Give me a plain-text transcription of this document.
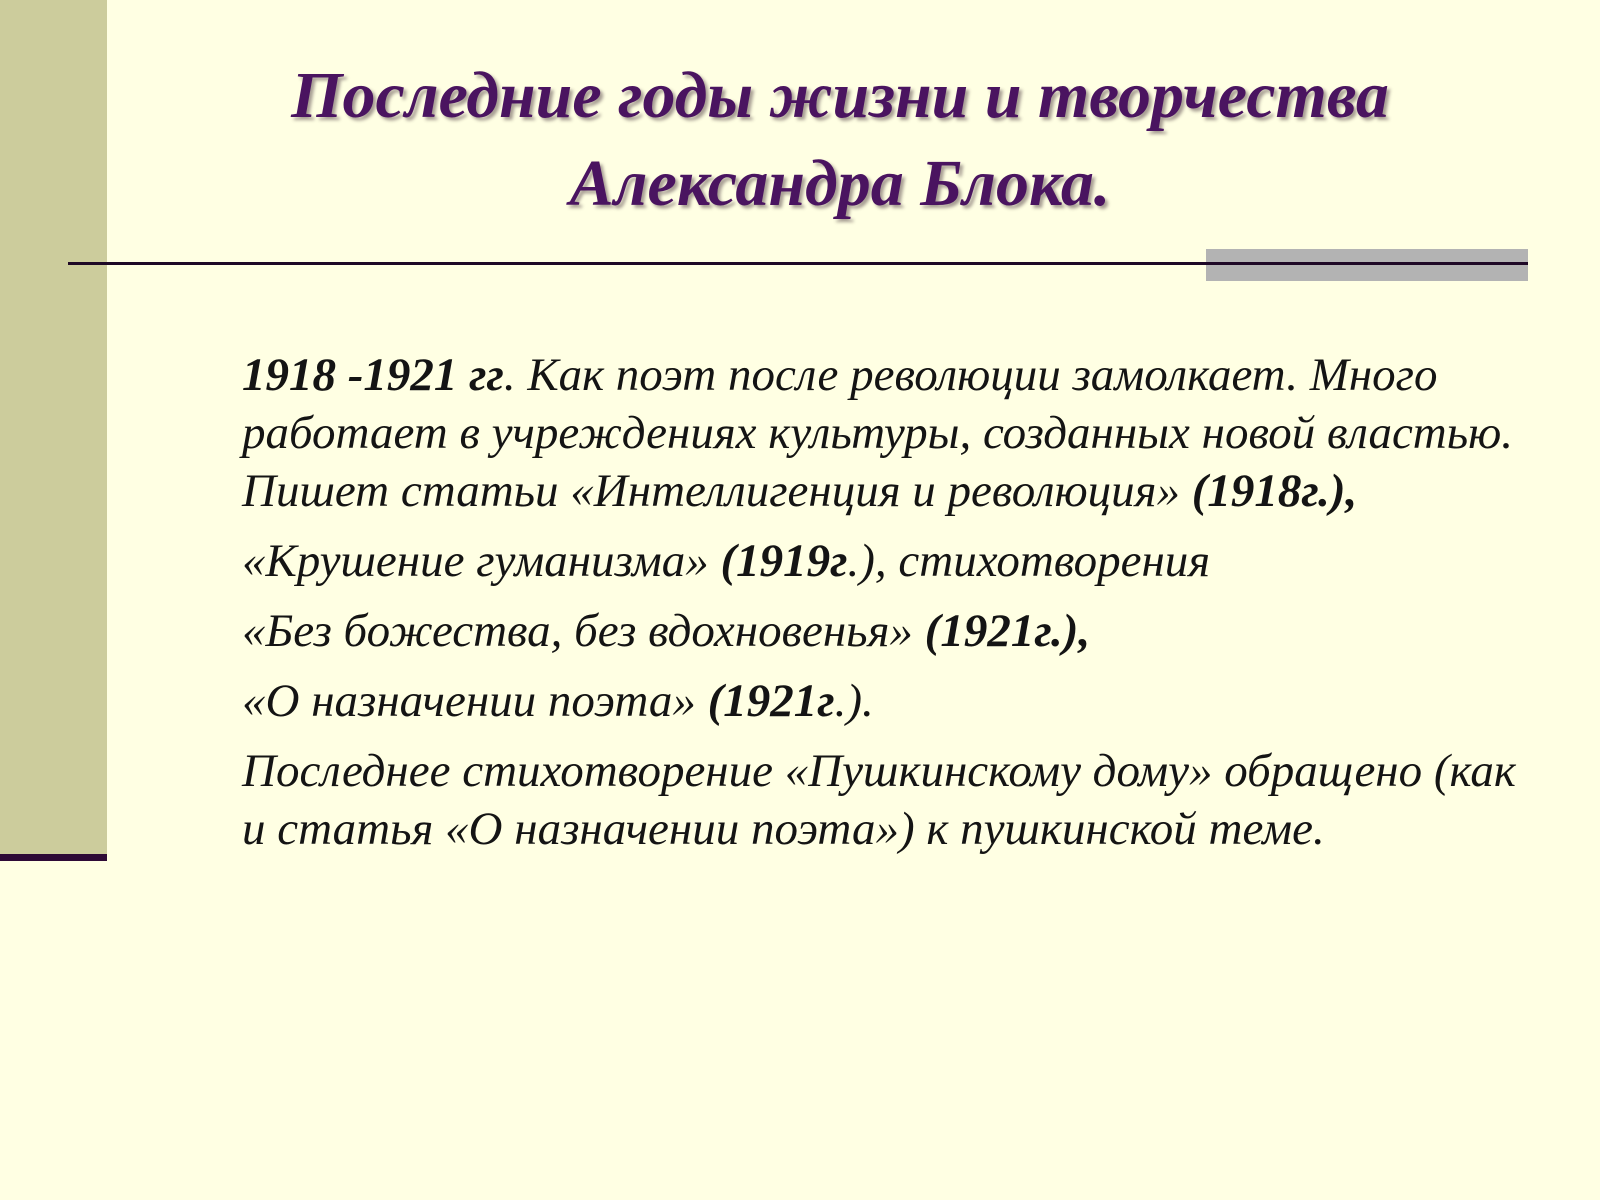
Последние годы жизни и творчества
Александра Блока.

1918 -1921 гг. Как поэт после революции замолкает. Много работает в учреждениях культуры, созданных новой властью. Пишет статьи «Интеллигенция и революция» (1918г.),

«Крушение гуманизма» (1919г.), стихотворения

«Без божества, без вдохновенья» (1921г.),

«О назначении поэта» (1921г.).

Последнее стихотворение «Пушкинскому дому» обращено (как и статья «О назначении поэта») к пушкинской теме.
